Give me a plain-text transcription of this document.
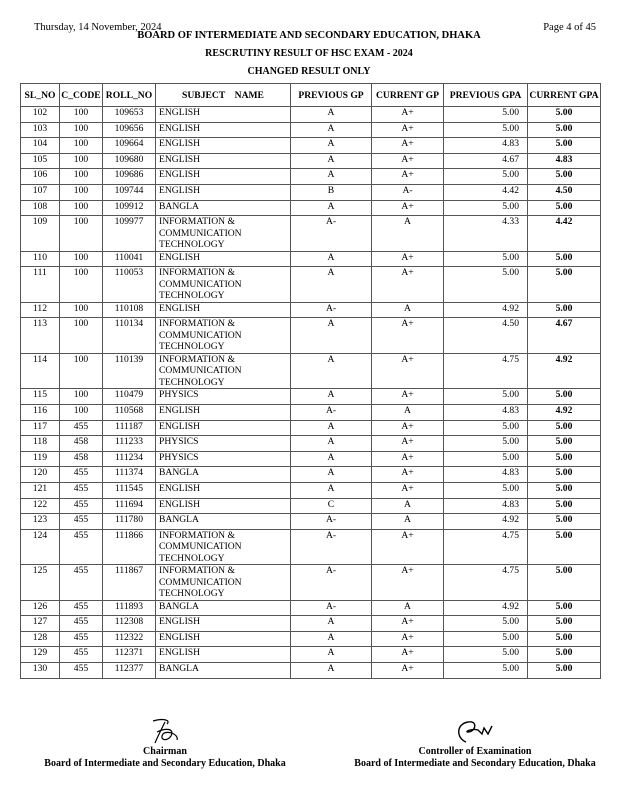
Thursday, 14 November, 2024	Page 4 of 45
BOARD OF INTERMEDIATE AND SECONDARY EDUCATION, DHAKA
RESCRUTINY RESULT OF HSC EXAM - 2024
CHANGED RESULT ONLY
SL_NO	C_CODE	ROLL_NO	SUBJECT    NAME	PREVIOUS GP	CURRENT GP	PREVIOUS GPA	CURRENT GPA
102	100	109653	ENGLISH	A	A+	5.00	5.00
103	100	109656	ENGLISH	A	A+	5.00	5.00
104	100	109664	ENGLISH	A	A+	4.83	5.00
105	100	109680	ENGLISH	A	A+	4.67	4.83
106	100	109686	ENGLISH	A	A+	5.00	5.00
107	100	109744	ENGLISH	B	A-	4.42	4.50
108	100	109912	BANGLA	A	A+	5.00	5.00
109	100	109977	INFORMATION & COMMUNICATION TECHNOLOGY	A-	A	4.33	4.42
110	100	110041	ENGLISH	A	A+	5.00	5.00
111	100	110053	INFORMATION & COMMUNICATION TECHNOLOGY	A	A+	5.00	5.00
112	100	110108	ENGLISH	A-	A	4.92	5.00
113	100	110134	INFORMATION & COMMUNICATION TECHNOLOGY	A	A+	4.50	4.67
114	100	110139	INFORMATION & COMMUNICATION TECHNOLOGY	A	A+	4.75	4.92
115	100	110479	PHYSICS	A	A+	5.00	5.00
116	100	110568	ENGLISH	A-	A	4.83	4.92
117	455	111187	ENGLISH	A	A+	5.00	5.00
118	458	111233	PHYSICS	A	A+	5.00	5.00
119	458	111234	PHYSICS	A	A+	5.00	5.00
120	455	111374	BANGLA	A	A+	4.83	5.00
121	455	111545	ENGLISH	A	A+	5.00	5.00
122	455	111694	ENGLISH	C	A	4.83	5.00
123	455	111780	BANGLA	A-	A	4.92	5.00
124	455	111866	INFORMATION & COMMUNICATION TECHNOLOGY	A-	A+	4.75	5.00
125	455	111867	INFORMATION & COMMUNICATION TECHNOLOGY	A-	A+	4.75	5.00
126	455	111893	BANGLA	A-	A	4.92	5.00
127	455	112308	ENGLISH	A	A+	5.00	5.00
128	455	112322	ENGLISH	A	A+	5.00	5.00
129	455	112371	ENGLISH	A	A+	5.00	5.00
130	455	112377	BANGLA	A	A+	5.00	5.00
Chairman
Board of Intermediate and Secondary Education, Dhaka
Controller of Examination
Board of Intermediate and Secondary Education, Dhaka
